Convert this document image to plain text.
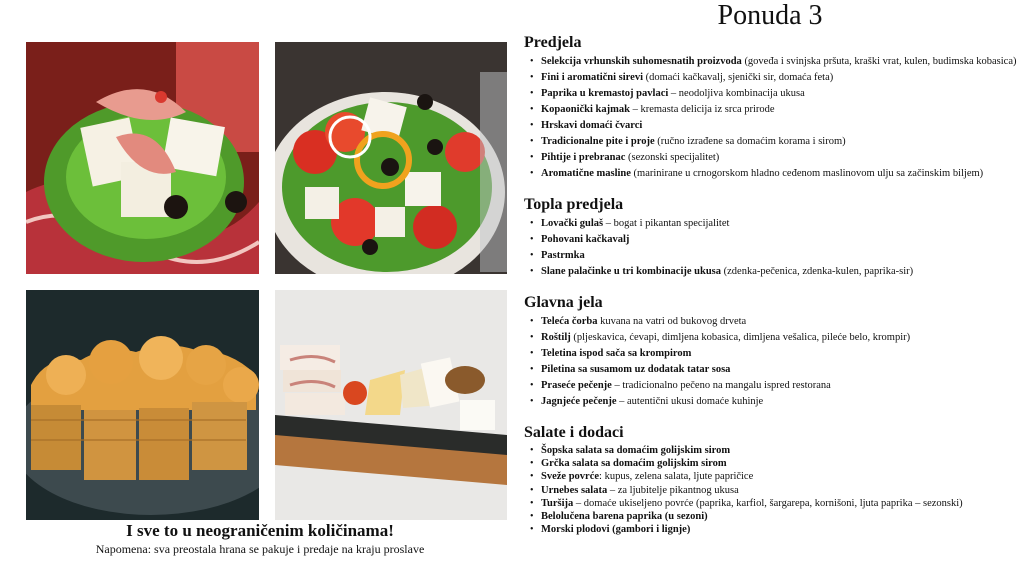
I sve to u neograničenim količinama!
Napomena: sva preostala hrana se pakuje i predaje na kraju proslave
Ponuda 3
Predjela
• Selekcija vrhunskih suhomesnatih proizvoda (goveđa i svinjska pršuta, kraški vrat, kulen, budimska kobasica)
• Fini i aromatični sirevi (domaći kačkavalj, sjenički sir, domaća feta)
• Paprika u kremastoj pavlaci – neodoljiva kombinacija ukusa
• Kopaonički kajmak – kremasta delicija iz srca prirode
• Hrskavi domaći čvarci
• Tradicionalne pite i proje (ručno izrađene sa domaćim korama i sirom)
• Pihtije i prebranac (sezonski specijalitet)
• Aromatične masline (marinirane u crnogorskom hladno ceđenom maslinovom ulju sa začinskim biljem)
Topla predjela
• Lovački gulaš – bogat i pikantan specijalitet
• Pohovani kačkavalj
• Pastrmka
• Slane palačinke u tri kombinacije ukusa (zdenka-pečenica, zdenka-kulen, paprika-sir)
Glavna jela
• Teleća čorba kuvana na vatri od bukovog drveta
• Roštilj (pljeskavica, ćevapi, dimljena kobasica, dimljena vešalica, pileće belo, krompir)
• Teletina ispod sača sa krompirom
• Piletina sa susamom uz dodatak tatar sosa
• Praseće pečenje – tradicionalno pečeno na mangalu ispred restorana
• Jagnjeće pečenje – autentični ukusi domaće kuhinje
Salate i dodaci
• Šopska salata sa domaćim golijskim sirom
• Grčka salata sa domaćim golijskim sirom
• Sveže povrće: kupus, zelena salata, ljute papričice
• Urnebes salata – za ljubitelje pikantnog ukusa
• Turšija – domaće ukiseljeno povrće (paprika, karfiol, šargarepa, kornišoni, ljuta paprika – sezonski)
• Belolučena barena paprika (u sezoni)
• Morski plodovi (gambori i lignje)
